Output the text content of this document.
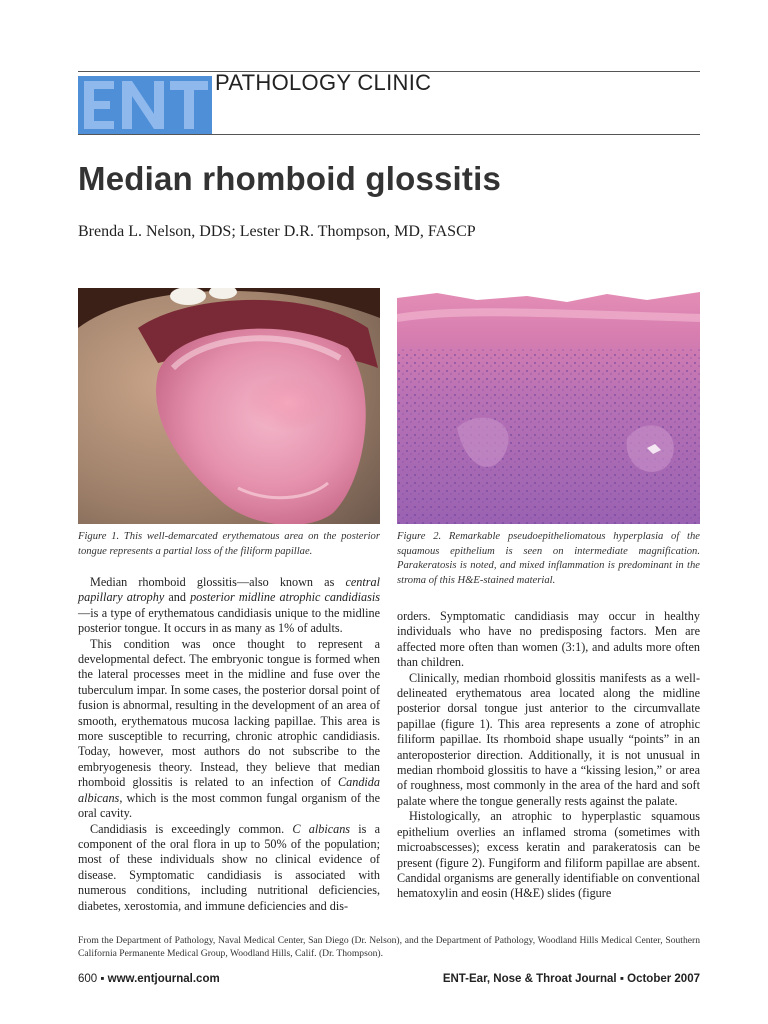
PATHOLOGY CLINIC
Median rhomboid glossitis
Brenda L. Nelson, DDS; Lester D.R. Thompson, MD, FASCP
Figure 1. This well-demarcated erythematous area on the posterior tongue represents a partial loss of the filiform papillae.
Figure 2. Remarkable pseudoepitheliomatous hyperplasia of the squamous epithelium is seen on intermediate magnification. Parakeratosis is noted, and mixed inflammation is predominant in the stroma of this H&E-stained material.

Median rhomboid glossitis—also known as central papillary atrophy and posterior midline atrophic candidiasis—is a type of erythematous candidiasis unique to the midline posterior tongue. It occurs in as many as 1% of adults.

This condition was once thought to represent a developmental defect. The embryonic tongue is formed when the lateral processes meet in the midline and fuse over the tuberculum impar. In some cases, the posterior dorsal point of fusion is abnormal, resulting in the development of an area of smooth, erythematous mucosa lacking papillae. This area is more susceptible to recurring, chronic atrophic candidiasis. Today, however, most authors do not subscribe to the embryogenesis theory. Instead, they believe that median rhomboid glossitis is related to an infection of Candida albicans, which is the most common fungal organism of the oral cavity.

Candidiasis is exceedingly common. C albicans is a component of the oral flora in up to 50% of the population; most of these individuals show no clinical evidence of disease. Symptomatic candidiasis is associated with numerous conditions, including nutritional deficiencies, diabetes, xerostomia, and immune deficiencies and dis-

orders. Symptomatic candidiasis may occur in healthy individuals who have no predisposing factors. Men are affected more often than women (3:1), and adults more often than children.

Clinically, median rhomboid glossitis manifests as a well-delineated erythematous area located along the midline posterior dorsal tongue just anterior to the circumvallate papillae (figure 1). This area represents a zone of atrophic filiform papillae. Its rhomboid shape usually “points” in an anteroposterior direction. Additionally, it is not unusual in median rhomboid glossitis to have a “kissing lesion,” or area of roughness, most commonly in the area of the hard and soft palate where the tongue generally rests against the palate.

Histologically, an atrophic to hyperplastic squamous epithelium overlies an inflamed stroma (sometimes with microabscesses); excess keratin and parakeratosis can be present (figure 2). Fungiform and filiform papillae are absent. Candidal organisms are generally identifiable on conventional hematoxylin and eosin (H&E) slides (figure

From the Department of Pathology, Naval Medical Center, San Diego (Dr. Nelson), and the Department of Pathology, Woodland Hills Medical Center, Southern California Permanente Medical Group, Woodland Hills, Calif. (Dr. Thompson).
600 ▪ www.entjournal.com	ENT-Ear, Nose & Throat Journal ▪ October 2007
